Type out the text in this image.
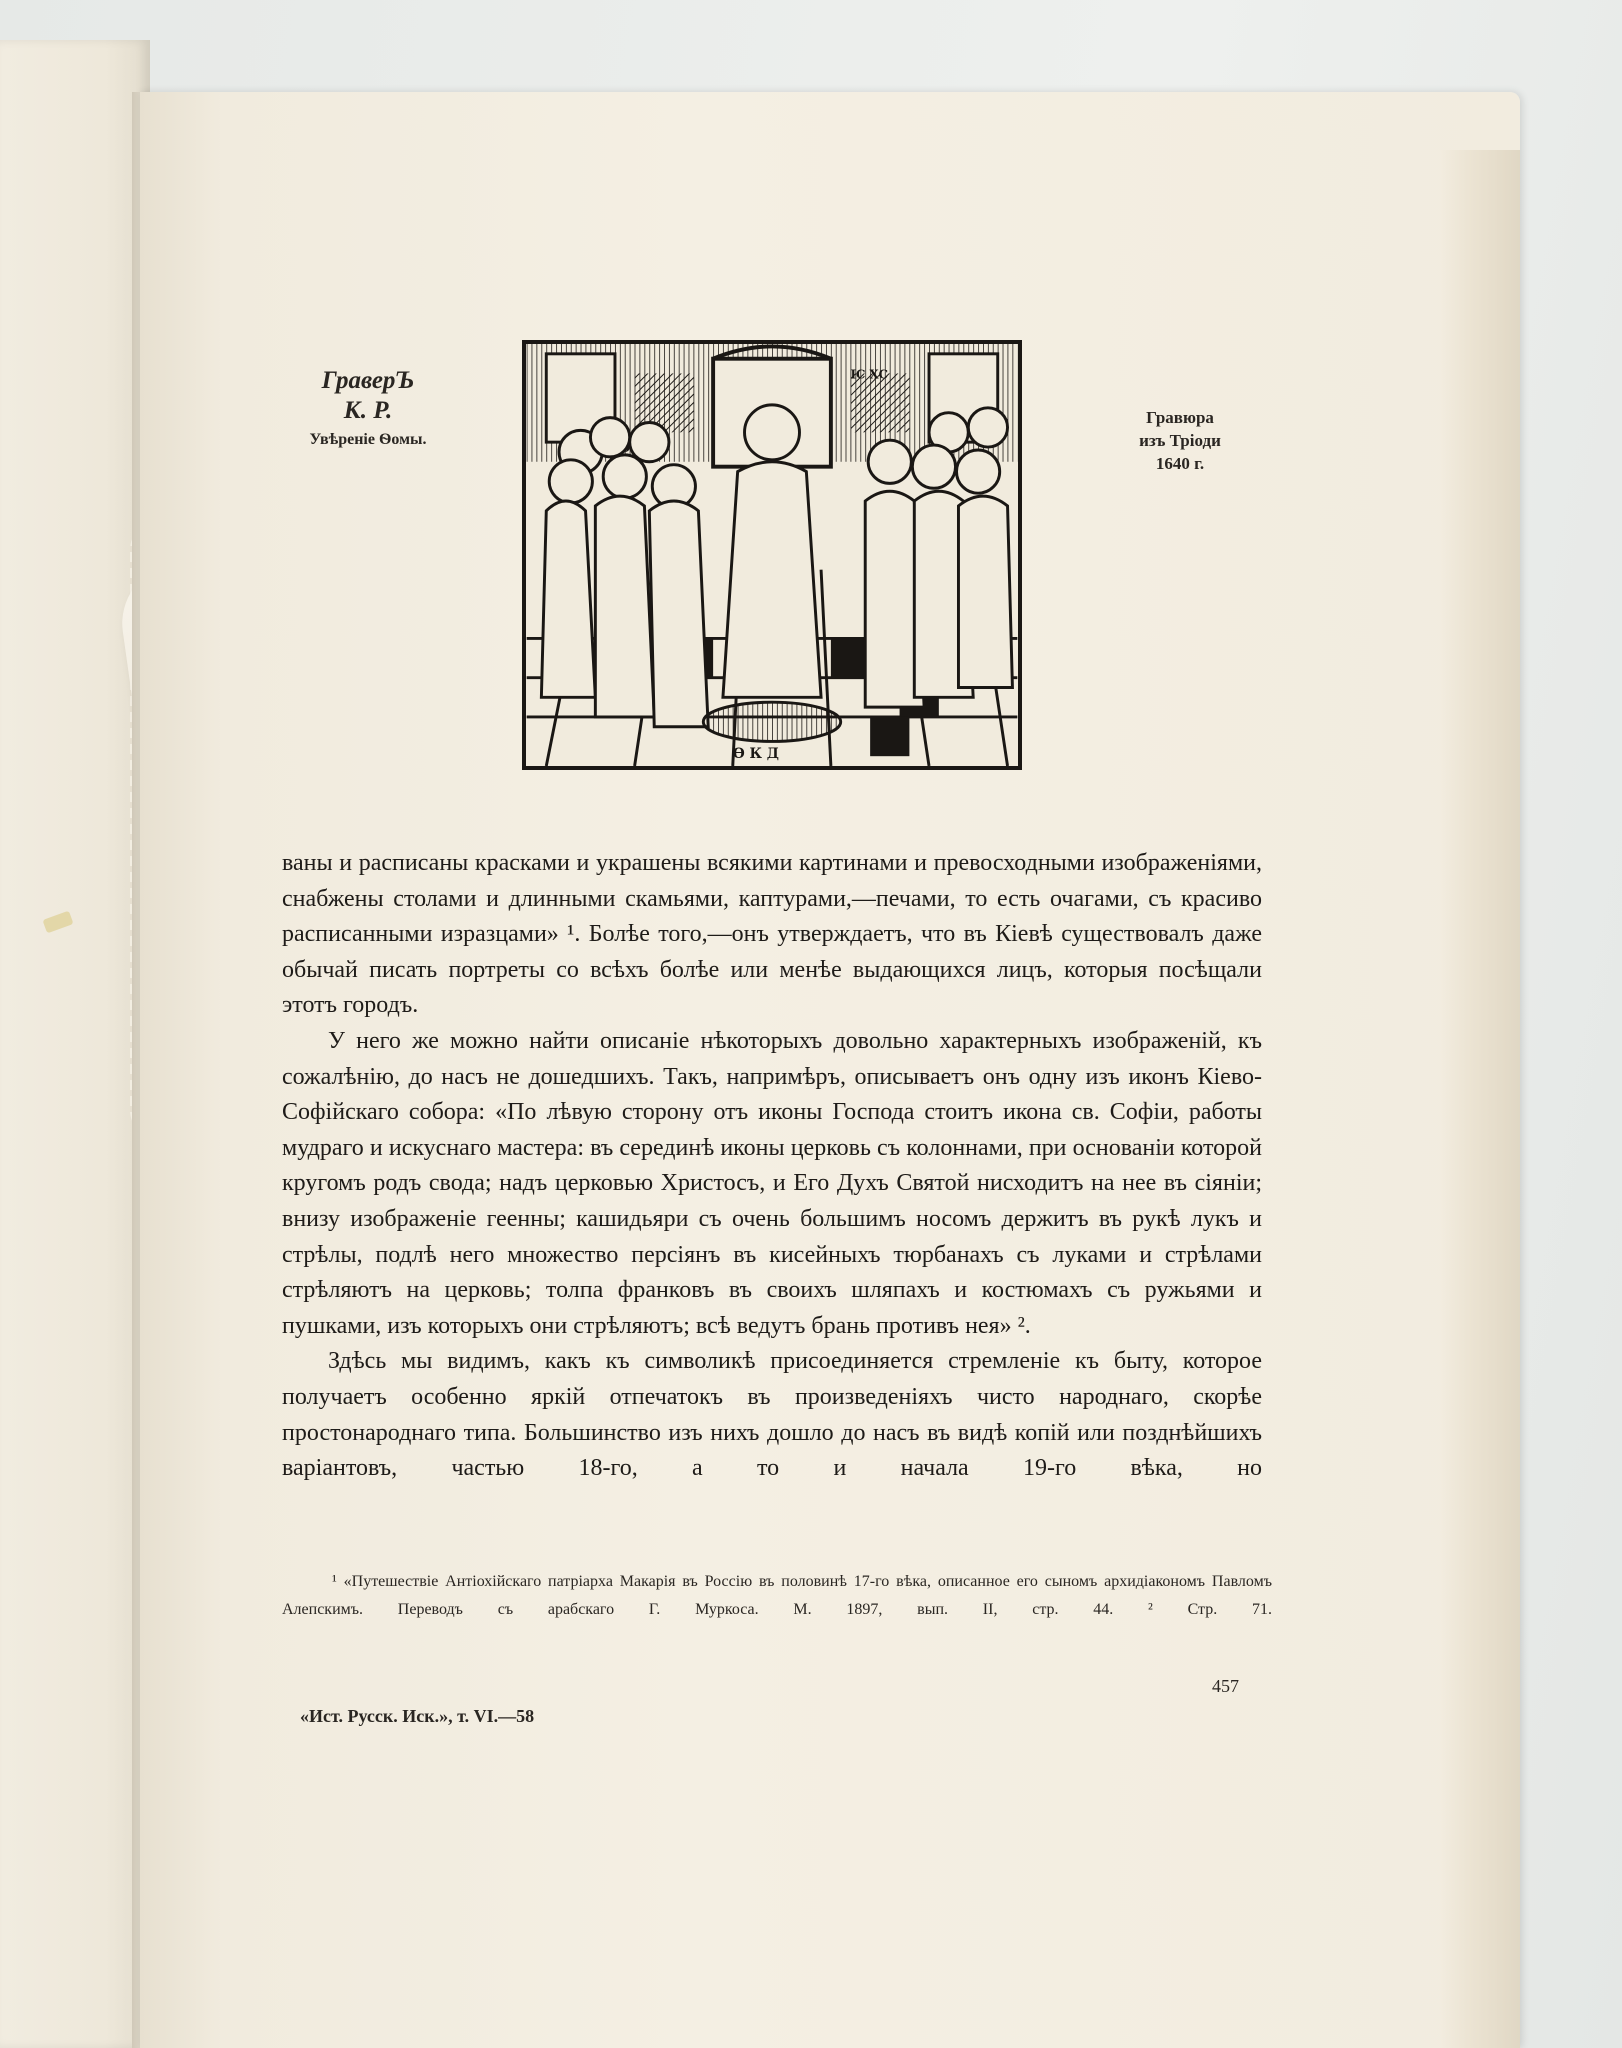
ГраверЪ
К. Р.
Увѣреніе Ѳомы.
Гравюра
изъ Тріоди
1640 г.
ІС ХС
Ѳ К Д

ваны и расписаны красками и украшены всякими картинами и превосходными изображеніями, снабжены столами и длинными скамьями, каптурами,—печами, то есть очагами, съ красиво расписанными изразцами» ¹. Болѣе того,—онъ утверждаетъ, что въ Кіевѣ существовалъ даже обычай писать портреты со всѣхъ болѣе или менѣе выдающихся лицъ, которыя посѣщали этотъ городъ.

У него же можно найти описаніе нѣкоторыхъ довольно характерныхъ изображеній, къ сожалѣнію, до насъ не дошедшихъ. Такъ, напримѣръ, описываетъ онъ одну изъ иконъ Кіево-Софійскаго собора: «По лѣвую сторону отъ иконы Господа стоитъ икона св. Софіи, работы мудраго и искуснаго мастера: въ серединѣ иконы церковь съ колоннами, при основаніи которой кругомъ родъ свода; надъ церковью Христосъ, и Его Духъ Святой нисходитъ на нее въ сіяніи; внизу изображеніе геенны; кашидьяри съ очень большимъ носомъ держитъ въ рукѣ лукъ и стрѣлы, подлѣ него множество персіянъ въ кисейныхъ тюрбанахъ съ луками и стрѣлами стрѣляютъ на церковь; толпа франковъ въ своихъ шляпахъ и костюмахъ съ ружьями и пушками, изъ которыхъ они стрѣляютъ; всѣ ведутъ брань противъ нея» ².

Здѣсь мы видимъ, какъ къ символикѣ присоединяется стремленіе къ быту, которое получаетъ особенно яркій отпечатокъ въ произведеніяхъ чисто народнаго, скорѣе простонароднаго типа. Большинство изъ нихъ дошло до насъ въ видѣ копій или позднѣйшихъ варіантовъ, частью 18-го, а то и начала 19-го вѣка, но

¹ «Путешествіе Антіохійскаго патріарха Макарія въ Россію въ половинѣ 17-го вѣка, описанное его сыномъ архидіакономъ Павломъ Алепскимъ. Переводъ съ арабскаго Г. Муркоса. М. 1897, вып. II, стр. 44. ² Стр. 71.

457
«Ист. Русск. Иск.», т. VI.—58
